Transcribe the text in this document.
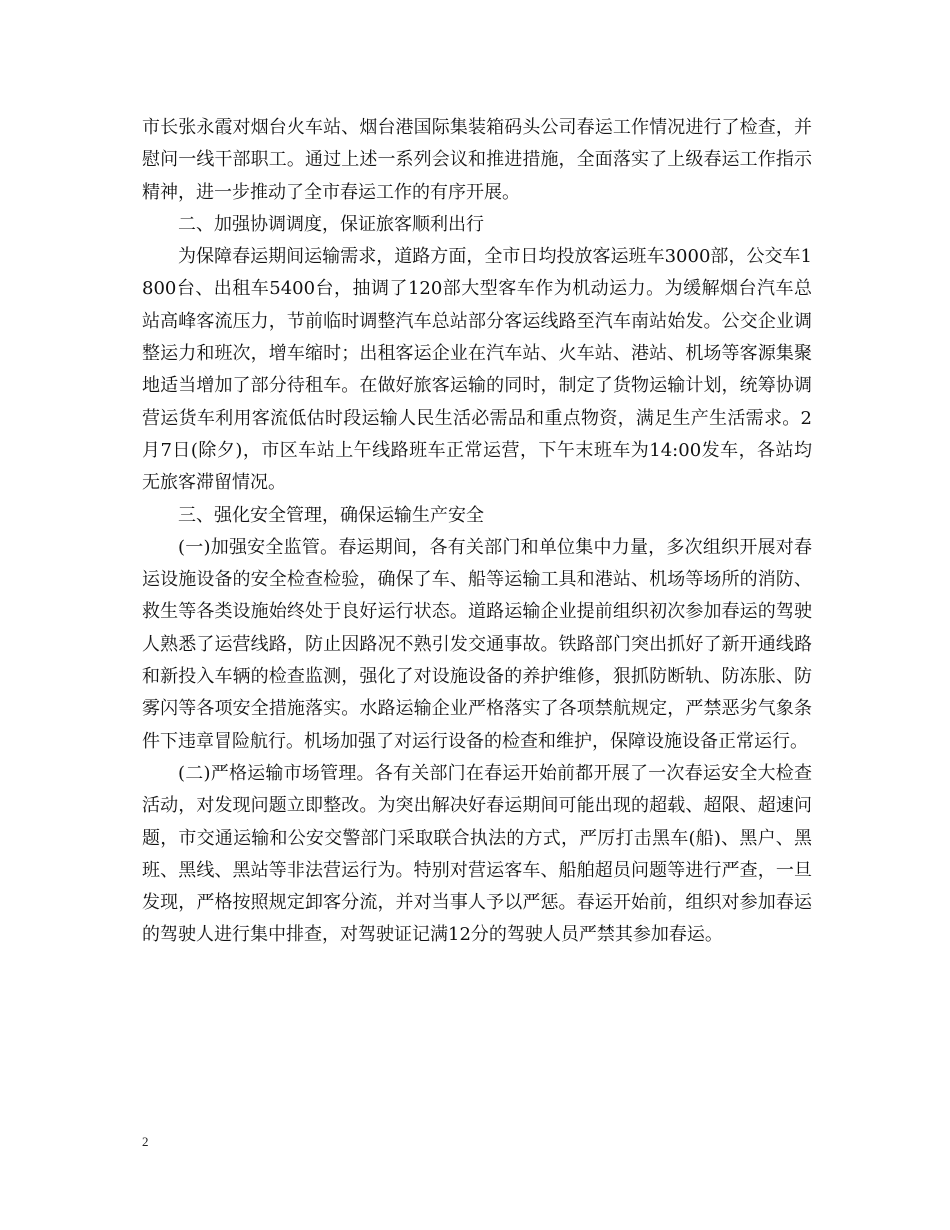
市长张永霞对烟台火车站、烟台港国际集装箱码头公司春运工作情况进行了检查，并慰问一线干部职工。通过上述一系列会议和推进措施，全面落实了上级春运工作指示精神，进一步推动了全市春运工作的有序开展。

二、加强协调调度，保证旅客顺利出行

为保障春运期间运输需求，道路方面，全市日均投放客运班车3000部，公交车1800台、出租车5400台，抽调了120部大型客车作为机动运力。为缓解烟台汽车总站高峰客流压力，节前临时调整汽车总站部分客运线路至汽车南站始发。公交企业调整运力和班次，增车缩时；出租客运企业在汽车站、火车站、港站、机场等客源集聚地适当增加了部分待租车。在做好旅客运输的同时，制定了货物运输计划，统筹协调营运货车利用客流低估时段运输人民生活必需品和重点物资，满足生产生活需求。2月7日(除夕)，市区车站上午线路班车正常运营，下午末班车为14:00发车，各站均无旅客滞留情况。

三、强化安全管理，确保运输生产安全

(一)加强安全监管。春运期间，各有关部门和单位集中力量，多次组织开展对春运设施设备的安全检查检验，确保了车、船等运输工具和港站、机场等场所的消防、救生等各类设施始终处于良好运行状态。道路运输企业提前组织初次参加春运的驾驶人熟悉了运营线路，防止因路况不熟引发交通事故。铁路部门突出抓好了新开通线路和新投入车辆的检查监测，强化了对设施设备的养护维修，狠抓防断轨、防冻胀、防雾闪等各项安全措施落实。水路运输企业严格落实了各项禁航规定，严禁恶劣气象条件下违章冒险航行。机场加强了对运行设备的检查和维护，保障设施设备正常运行。

(二)严格运输市场管理。各有关部门在春运开始前都开展了一次春运安全大检查活动，对发现问题立即整改。为突出解决好春运期间可能出现的超载、超限、超速问题，市交通运输和公安交警部门采取联合执法的方式，严厉打击黑车(船)、黑户、黑班、黑线、黑站等非法营运行为。特别对营运客车、船舶超员问题等进行严查，一旦发现，严格按照规定卸客分流，并对当事人予以严惩。春运开始前，组织对参加春运的驾驶人进行集中排查，对驾驶证记满12分的驾驶人员严禁其参加春运。

2
